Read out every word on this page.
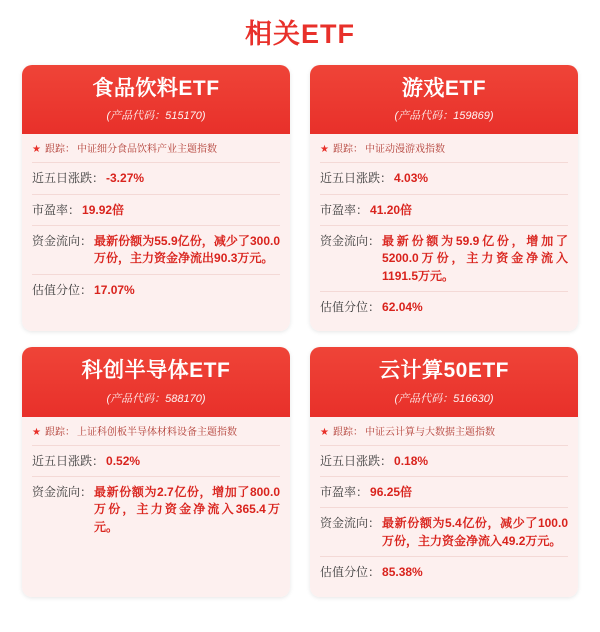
相关ETF
食品饮料ETF
(产品代码：515170)
★ 跟踪： 中证细分食品饮料产业主题指数
近五日涨跌： -3.27%
市盈率： 19.92倍
资金流向： 最新份额为55.9亿份，减少了300.0万份，主力资金净流出90.3万元。
估值分位： 17.07%
游戏ETF
(产品代码：159869)
★ 跟踪： 中证动漫游戏指数
近五日涨跌： 4.03%
市盈率： 41.20倍
资金流向： 最新份额为59.9亿份，增加了5200.0万份，主力资金净流入1191.5万元。
估值分位： 62.04%
科创半导体ETF
(产品代码：588170)
★ 跟踪： 上证科创板半导体材料设备主题指数
近五日涨跌： 0.52%
资金流向： 最新份额为2.7亿份，增加了800.0万份，主力资金净流入365.4万元。
云计算50ETF
(产品代码：516630)
★ 跟踪： 中证云计算与大数据主题指数
近五日涨跌： 0.18%
市盈率： 96.25倍
资金流向： 最新份额为5.4亿份，减少了100.0万份，主力资金净流入49.2万元。
估值分位： 85.38%
